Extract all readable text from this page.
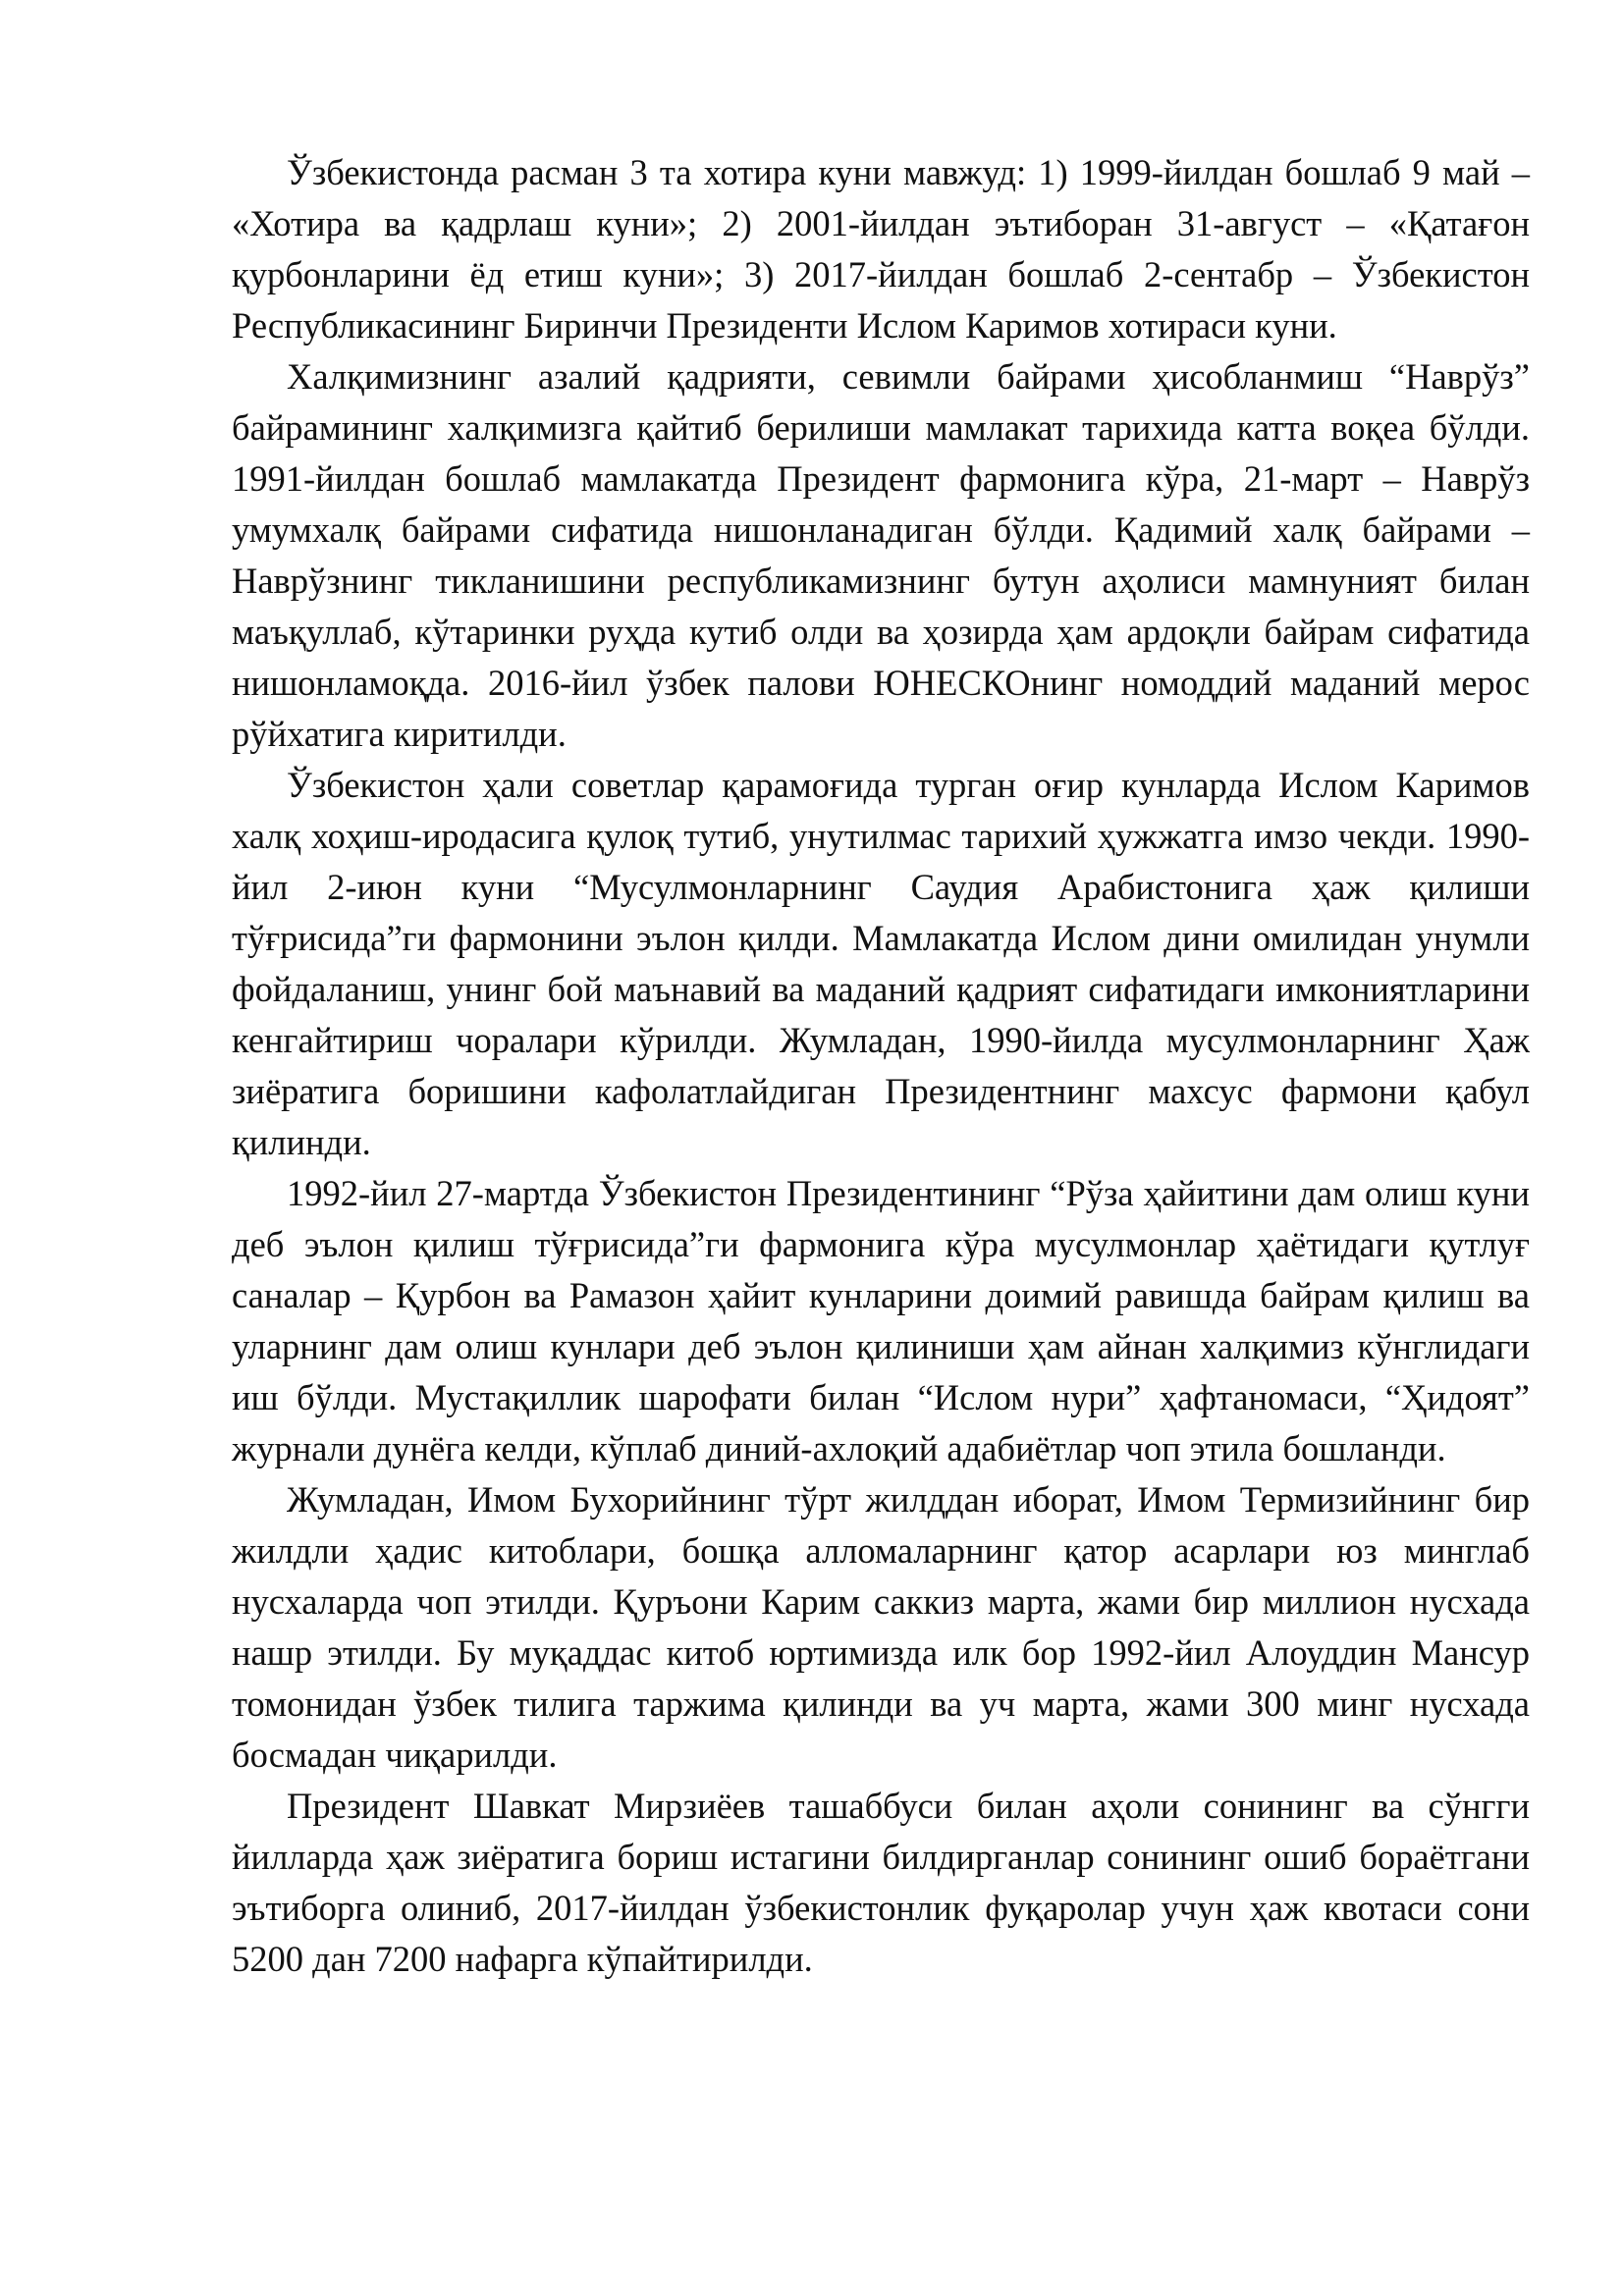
Ўзбекистонда расман 3 та хотира куни мавжуд: 1) 1999-йилдан бошлаб 9 май – «Хотира ва қадрлаш куни»; 2) 2001-йилдан эътиборан 31-август – «Қатағон қурбонларини ёд етиш куни»; 3) 2017-йилдан бошлаб 2-сентабр – Ўзбекистон Республикасининг Биринчи Президенти Ислом Каримов хотираси куни.

Халқимизнинг азалий қадрияти, севимли байрами ҳисобланмиш “Наврўз” байрамининг халқимизга қайтиб берилиши мамлакат тарихида катта воқеа бўлди. 1991-йилдан бошлаб мамлакатда Президент фармонига кўра, 21-март – Наврўз умумхалқ байрами сифатида нишонланадиган бўлди. Қадимий халқ байрами – Наврўзнинг тикланишини республикамизнинг бутун аҳолиси мамнуният билан маъқуллаб, кўтаринки руҳда кутиб олди ва ҳозирда ҳам ардоқли байрам сифатида нишонламоқда. 2016-йил ўзбек палови ЮНЕСКОнинг номоддий маданий мерос рўйхатига киритилди.

Ўзбекистон ҳали советлар қарамоғида турган оғир кунларда Ислом Каримов халқ хоҳиш-иродасига қулоқ тутиб, унутилмас тарихий ҳужжатга имзо чекди. 1990-йил 2-июн куни “Мусулмонларнинг Саудия Арабистонига ҳаж қилиши тўғрисида”ги фармонини эълон қилди. Мамлакатда Ислом дини омилидан унумли фойдаланиш, унинг бой маънавий ва маданий қадрият сифатидаги имкониятларини кенгайтириш чоралари кўрилди. Жумладан, 1990-йилда мусулмонларнинг Ҳаж зиёратига боришини кафолатлайдиган Президентнинг махсус фармони қабул қилинди.

1992-йил 27-мартда Ўзбекистон Президентининг “Рўза ҳайитини дам олиш куни деб эълон қилиш тўғрисида”ги фармонига кўра мусулмонлар ҳаётидаги қутлуғ саналар – Қурбон ва Рамазон ҳайит кунларини доимий равишда байрам қилиш ва уларнинг дам олиш кунлари деб эълон қилиниши ҳам айнан халқимиз кўнглидаги иш бўлди. Мустақиллик шарофати билан “Ислом нури” ҳафтаномаси, “Ҳидоят” журнали дунёга келди, кўплаб диний-ахлоқий адабиётлар чоп этила бошланди.

Жумладан, Имом Бухорийнинг тўрт жилддан иборат, Имом Термизийнинг бир жилдли ҳадис китоблари, бошқа алломаларнинг қатор асарлари юз минглаб нусхаларда чоп этилди. Қуръони Карим саккиз марта, жами бир миллион нусхада нашр этилди. Бу муқаддас китоб юртимизда илк бор 1992-йил Алоуддин Мансур томонидан ўзбек тилига таржима қилинди ва уч марта, жами 300 минг нусхада босмадан чиқарилди.

Президент Шавкат Мирзиёев ташаббуси билан аҳоли сонининг ва сўнгги йилларда ҳаж зиёратига бориш истагини билдирганлар сонининг ошиб бораётгани эътиборга олиниб, 2017-йилдан ўзбекистонлик фуқаролар учун ҳаж квотаси сони 5200 дан 7200 нафарга кўпайтирилди.
